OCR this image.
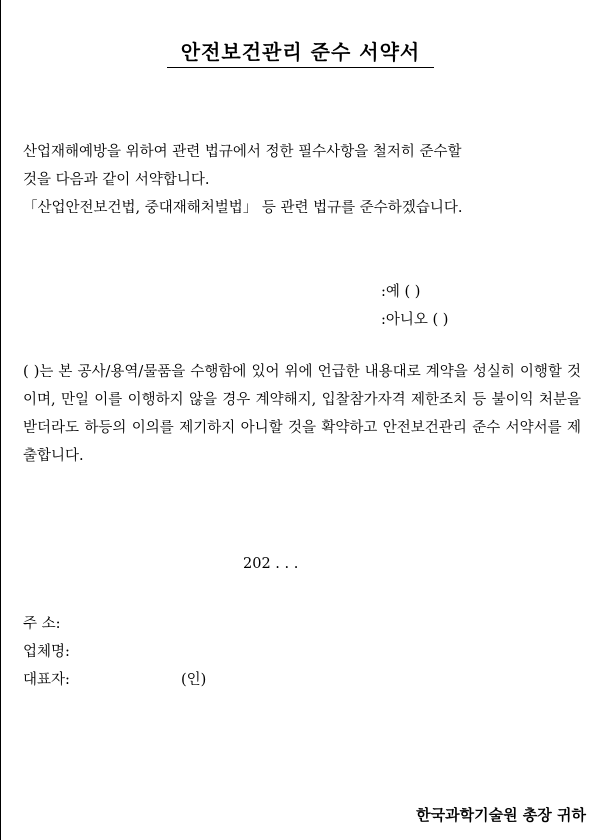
안전보건관리 준수 서약서
산업재해예방을 위하여 관련 법규에서 정한 필수사항을 철저히 준수할
것을 다음과 같이 서약합니다.
「산업안전보건법, 중대재해처벌법」 등 관련 법규를 준수하겠습니다.
:예 ( )
:아니오 ( )
( )는 본 공사/용역/물품을 수행함에 있어 위에 언급한 내용대로 계약을 성실히 이행할 것이며, 만일 이를 이행하지 않을 경우 계약해지, 입찰참가자격 제한조치 등 불이익 처분을 받더라도 하등의 이의를 제기하지 아니할 것을 확약하고 안전보건관리 준수 서약서를 제출합니다.
202 . . .
주 소:
업체명:
대표자:	(인)
한국과학기술원 총장 귀하
